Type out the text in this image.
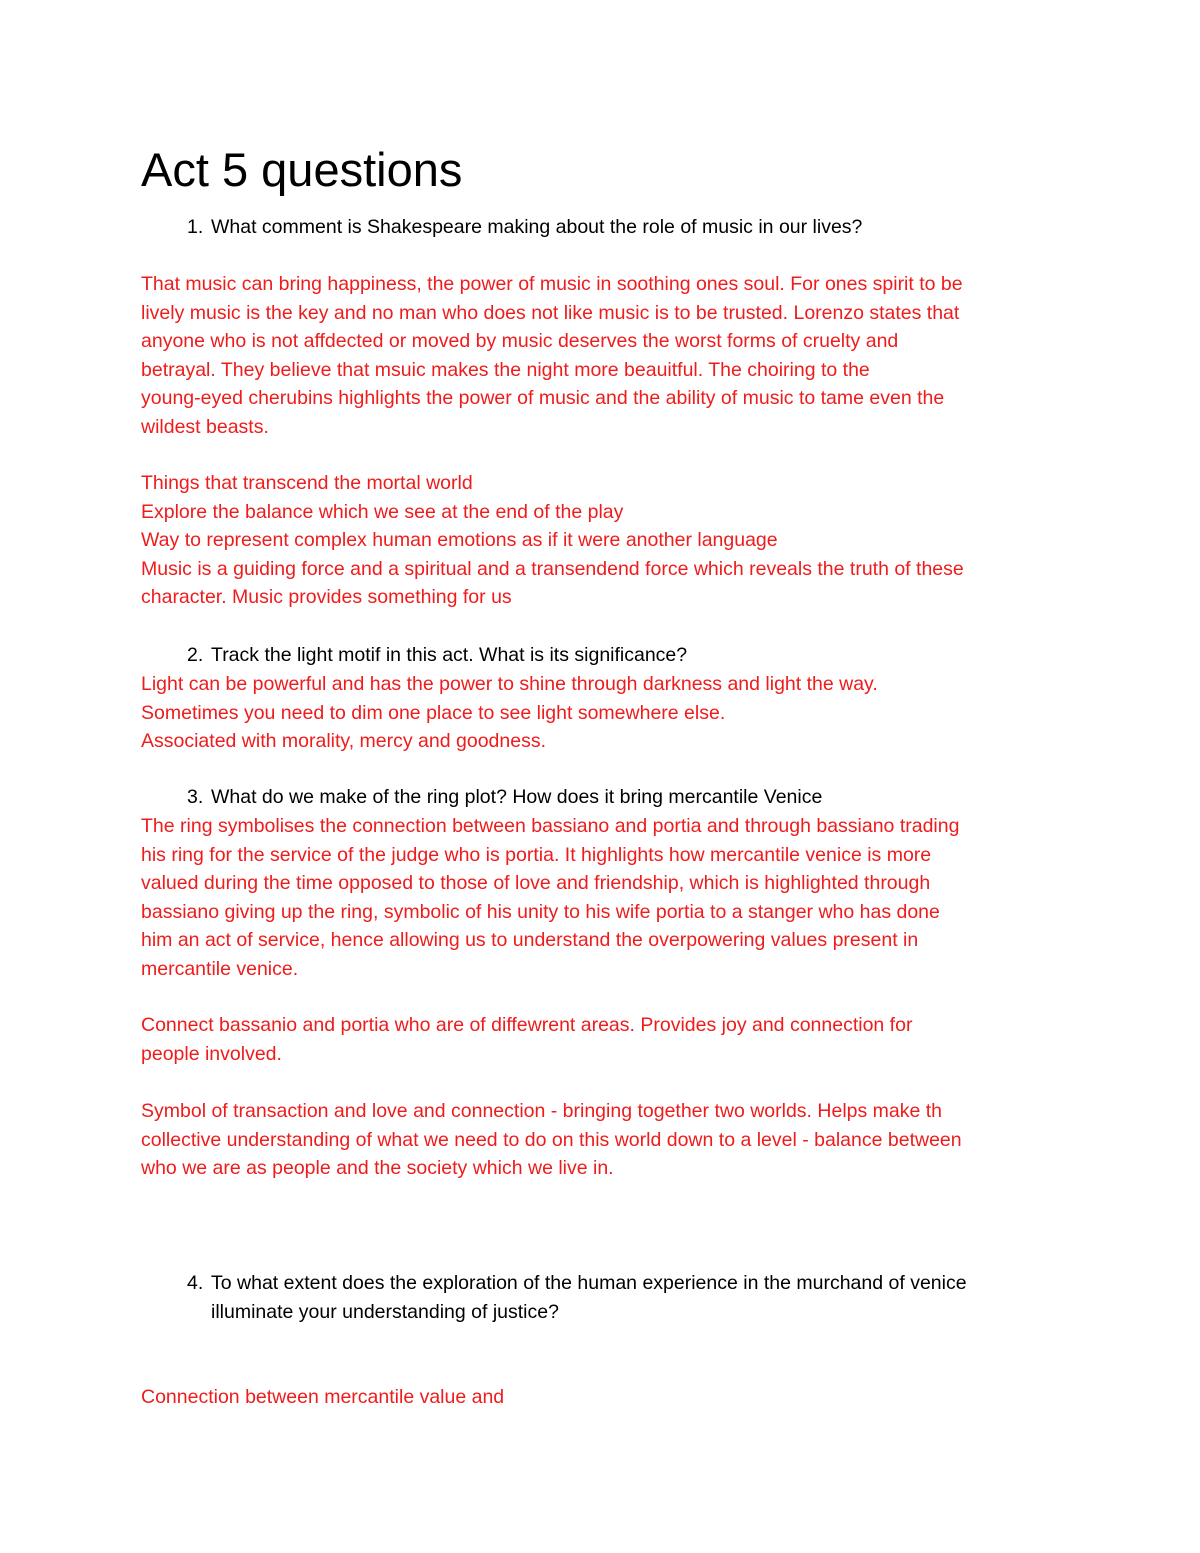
Act 5 questions
1. What comment is Shakespeare making about the role of music in our lives?
That music can bring happiness, the power of music in soothing ones soul. For ones spirit to be
lively music is the key and no man who does not like music is to be trusted. Lorenzo states that
anyone who is not affdected or moved by music deserves the worst forms of cruelty and
betrayal. They believe that msuic makes the night more beauitful. The choiring to the
young-eyed cherubins highlights the power of music and the ability of music to tame even the
wildest beasts.
Things that transcend the mortal world
Explore the balance which we see at the end of the play
Way to represent complex human emotions as if it were another language
Music is a guiding force and a spiritual and a transendend force which reveals the truth of these
character. Music provides something for us
2. Track the light motif in this act. What is its significance?
Light can be powerful and has the power to shine through darkness and light the way.
Sometimes you need to dim one place to see light somewhere else.
Associated with morality, mercy and goodness.
3. What do we make of the ring plot? How does it bring mercantile Venice
The ring symbolises the connection between bassiano and portia and through bassiano trading
his ring for the service of the judge who is portia. It highlights how mercantile venice is more
valued during the time opposed to those of love and friendship, which is highlighted through
bassiano giving up the ring, symbolic of his unity to his wife portia to a stanger who has done
him an act of service, hence allowing us to understand the overpowering values present in
mercantile venice.
Connect bassanio and portia who are of diffewrent areas. Provides joy and connection for
people involved.
Symbol of transaction and love and connection - bringing together two worlds. Helps make th
collective understanding of what we need to do on this world down to a level - balance between
who we are as people and the society which we live in.
4. To what extent does the exploration of the human experience in the murchand of venice
illuminate your understanding of justice?
Connection between mercantile value and
